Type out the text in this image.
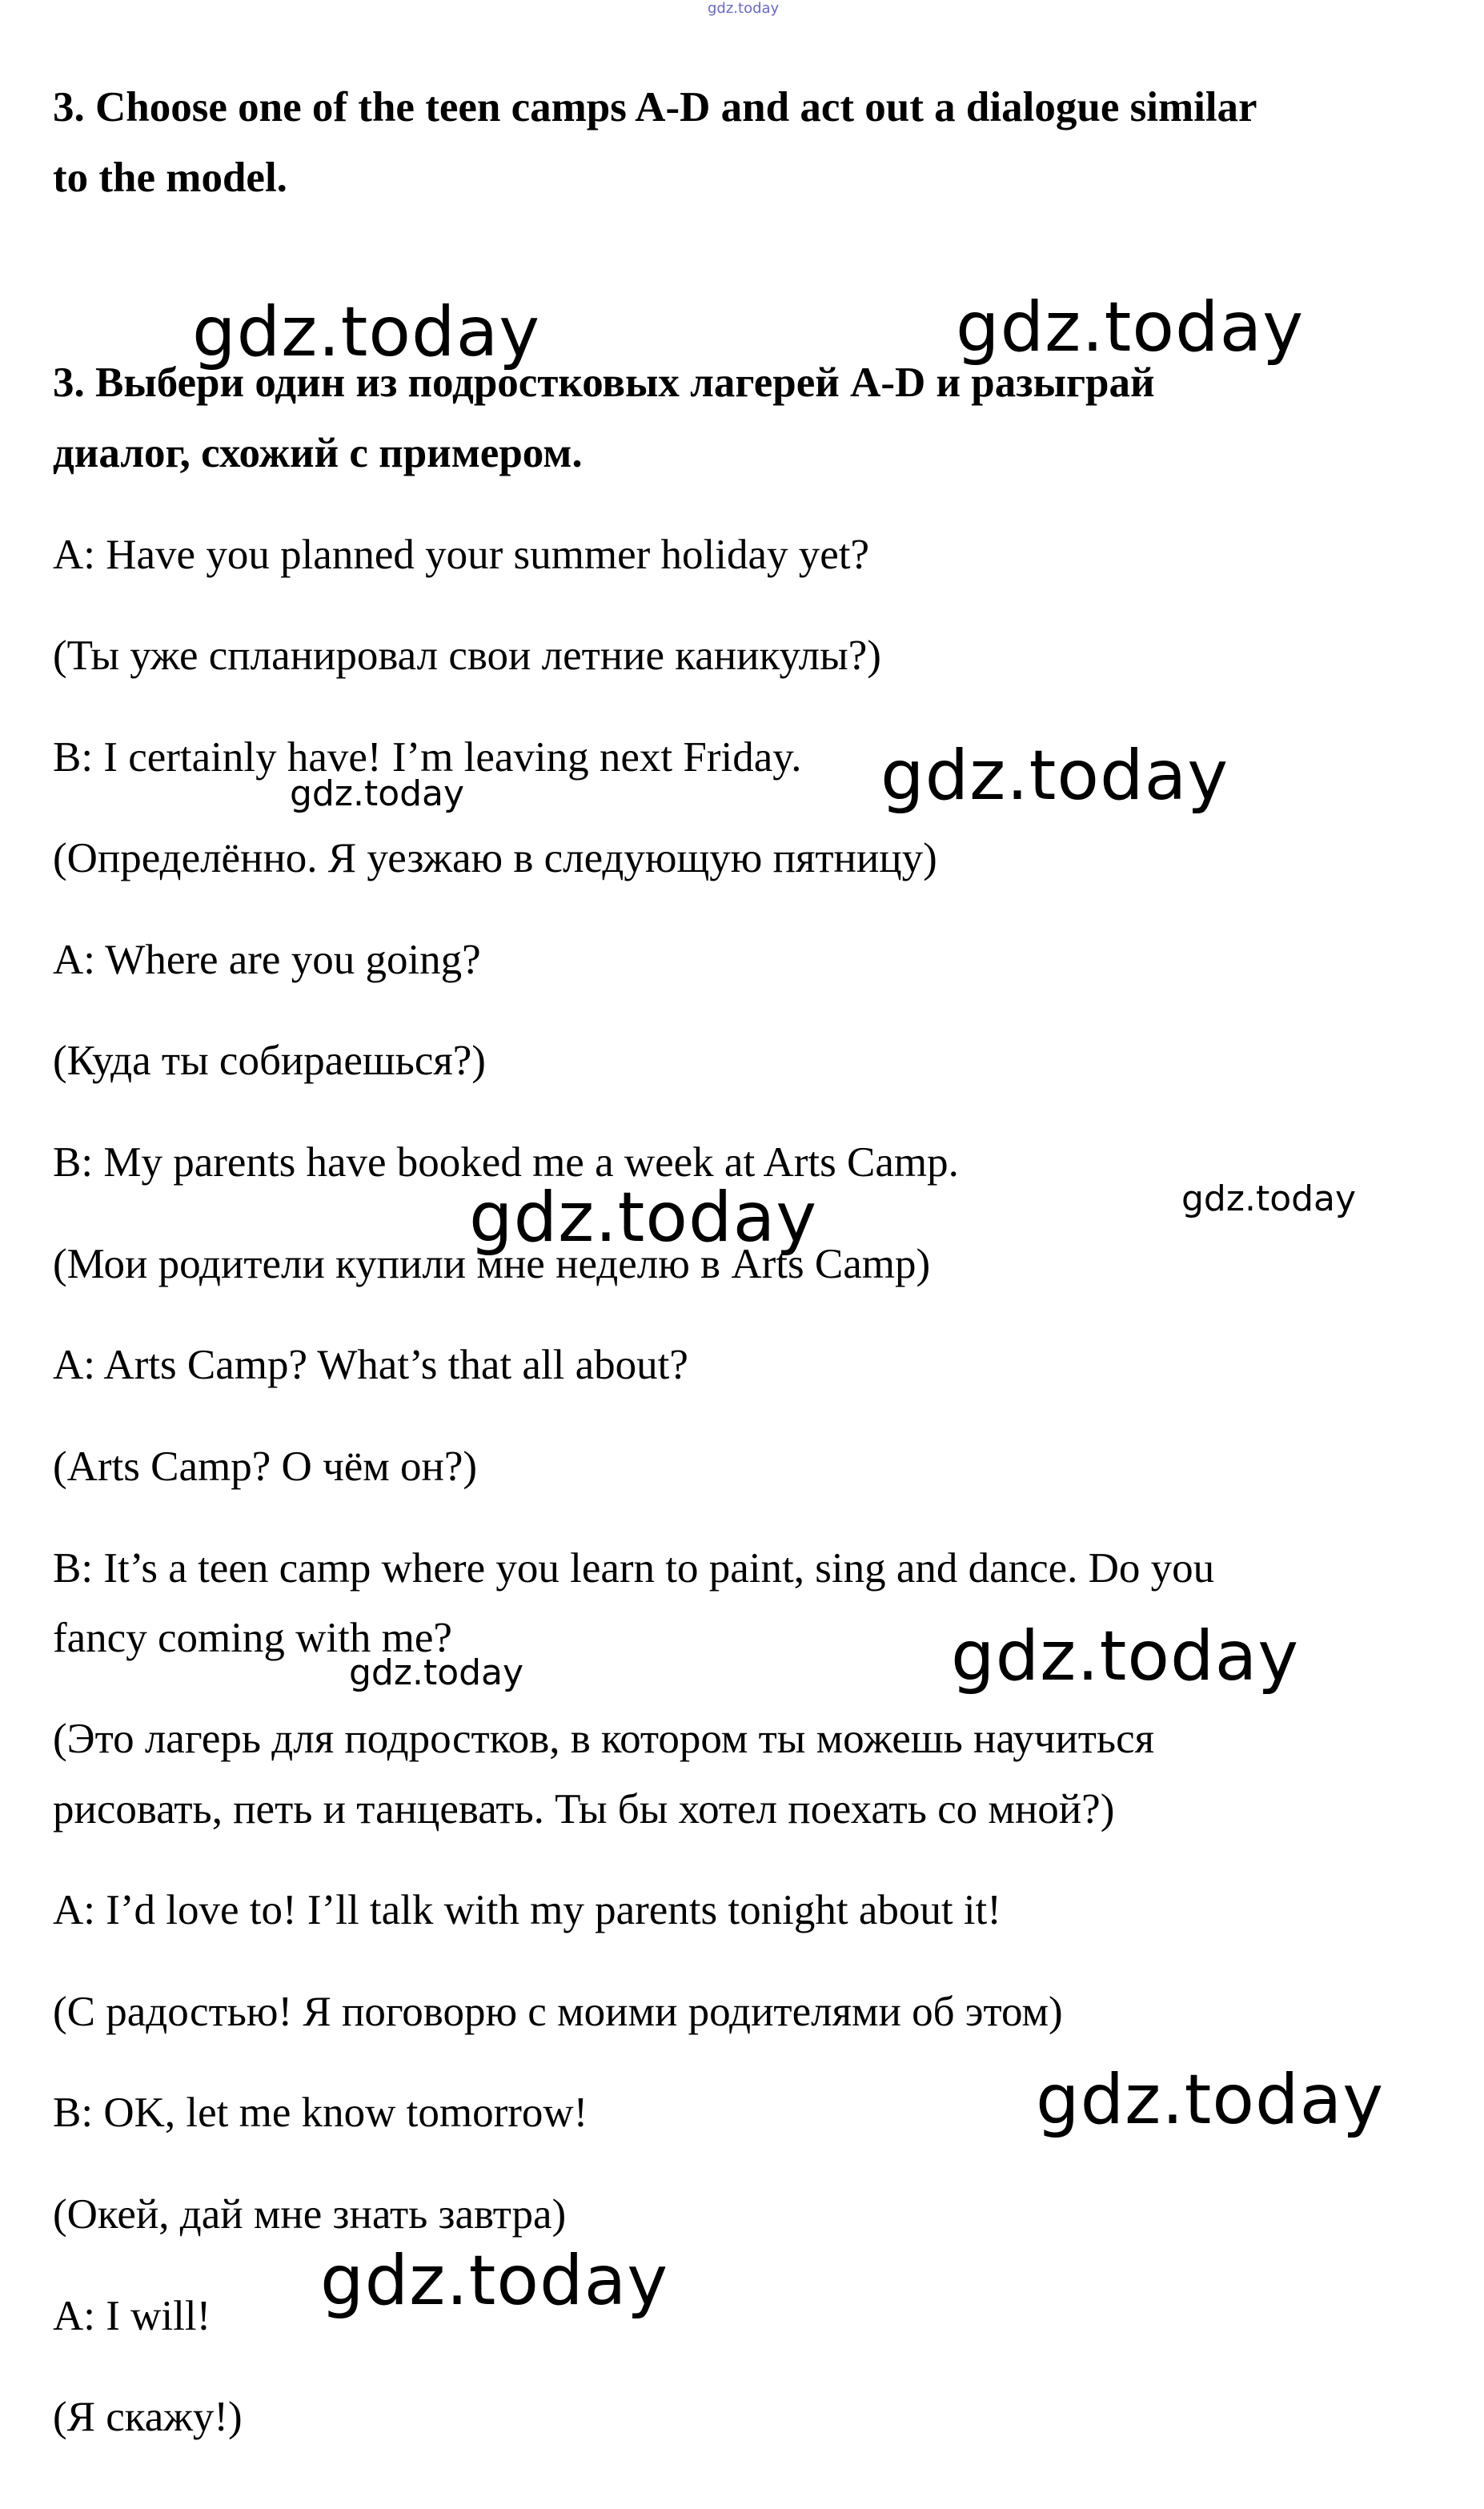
gdz.today

3. Choose one of the teen camps A-D and act out a dialogue similar

to the model.

3. Выбери один из подростковых лагерей A-D и разыграй

диалог, схожий с примером.

A: Have you planned your summer holiday yet?

(Ты уже спланировал свои летние каникулы?)

B: I certainly have! I’m leaving next Friday.

(Определённо. Я уезжаю в следующую пятницу)

A: Where are you going?

(Куда ты собираешься?)

B: My parents have booked me a week at Arts Camp.

(Мои родители купили мне неделю в Arts Camp)

A: Arts Camp? What’s that all about?

(Arts Camp? О чём он?)

B: It’s a teen camp where you learn to paint, sing and dance. Do you

fancy coming with me?

(Это лагерь для подростков, в котором ты можешь научиться

рисовать, петь и танцевать. Ты бы хотел поехать со мной?)

A: I’d love to! I’ll talk with my parents tonight about it!

(С радостью! Я поговорю с моими родителями об этом)

B: OK, let me know tomorrow!

(Окей, дай мне знать завтра)

A: I will!

(Я скажу!)

gdz.today	gdz.today
gdz.today	gdz.today
gdz.today	gdz.today
gdz.today	gdz.today
gdz.today
gdz.today
